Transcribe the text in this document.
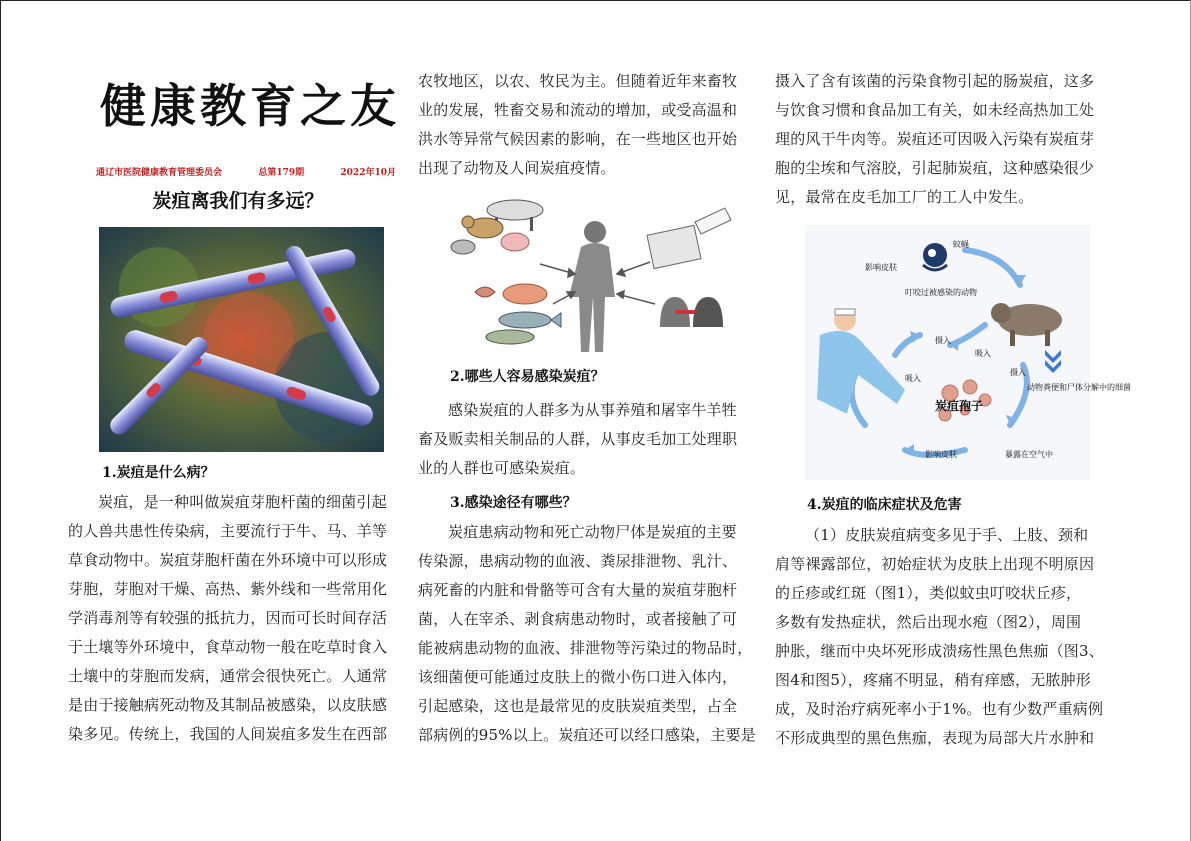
健康教育之友
通辽市医院健康教育管理委员会	总第179期	2022年10月
炭疽离我们有多远？

1.炭疽是什么病？

炭疽，是一种叫做炭疽芽胞杆菌的细菌引起

的人兽共患性传染病，主要流行于牛、马、羊等

草食动物中。炭疽芽胞杆菌在外环境中可以形成

芽胞，芽胞对干燥、高热、紫外线和一些常用化

学消毒剂等有较强的抵抗力，因而可长时间存活

于土壤等外环境中，食草动物一般在吃草时食入

土壤中的芽胞而发病，通常会很快死亡。人通常

是由于接触病死动物及其制品被感染，以皮肤感

染多见。传统上，我国的人间炭疽多发生在西部

农牧地区，以农、牧民为主。但随着近年来畜牧

业的发展，牲畜交易和流动的增加，或受高温和

洪水等异常气候因素的影响，在一些地区也开始

出现了动物及人间炭疽疫情。

2.哪些人容易感染炭疽？

感染炭疽的人群多为从事养殖和屠宰牛羊牲

畜及贩卖相关制品的人群，从事皮毛加工处理职

业的人群也可感染炭疽。

3.感染途径有哪些？

炭疽患病动物和死亡动物尸体是炭疽的主要

传染源，患病动物的血液、粪尿排泄物、乳汁、

病死畜的内脏和骨骼等可含有大量的炭疽芽胞杆

菌，人在宰杀、剥食病患动物时，或者接触了可

能被病患动物的血液、排泄物等污染过的物品时，

该细菌便可能通过皮肤上的微小伤口进入体内，

引起感染，这也是最常见的皮肤炭疽类型，占全

部病例的95%以上。炭疽还可以经口感染，主要是

摄入了含有该菌的污染食物引起的肠炭疽，这多

与饮食习惯和食品加工有关，如未经高热加工处

理的风干牛肉等。炭疽还可因吸入污染有炭疽芽

胞的尘埃和气溶胶，引起肺炭疽，这种感染很少

见，最常在皮毛加工厂的工人中发生。

蚊蝇
叮咬过被感染的动物
影响皮肤
摄入
吸入
吸入
摄入
炭疽孢子
动物粪便和尸体分解中的细菌
影响皮肤	暴露在空气中

4.炭疽的临床症状及危害

（1）皮肤炭疽病变多见于手、上肢、颈和

肩等裸露部位，初始症状为皮肤上出现不明原因

的丘疹或红斑（图1），类似蚊虫叮咬状丘疹，

多数有发热症状，然后出现水疱（图2），周围

肿胀，继而中央坏死形成溃疡性黑色焦痂（图3、

图4和图5），疼痛不明显，稍有痒感，无脓肿形

成，及时治疗病死率小于1%。也有少数严重病例

不形成典型的黑色焦痂，表现为局部大片水肿和
